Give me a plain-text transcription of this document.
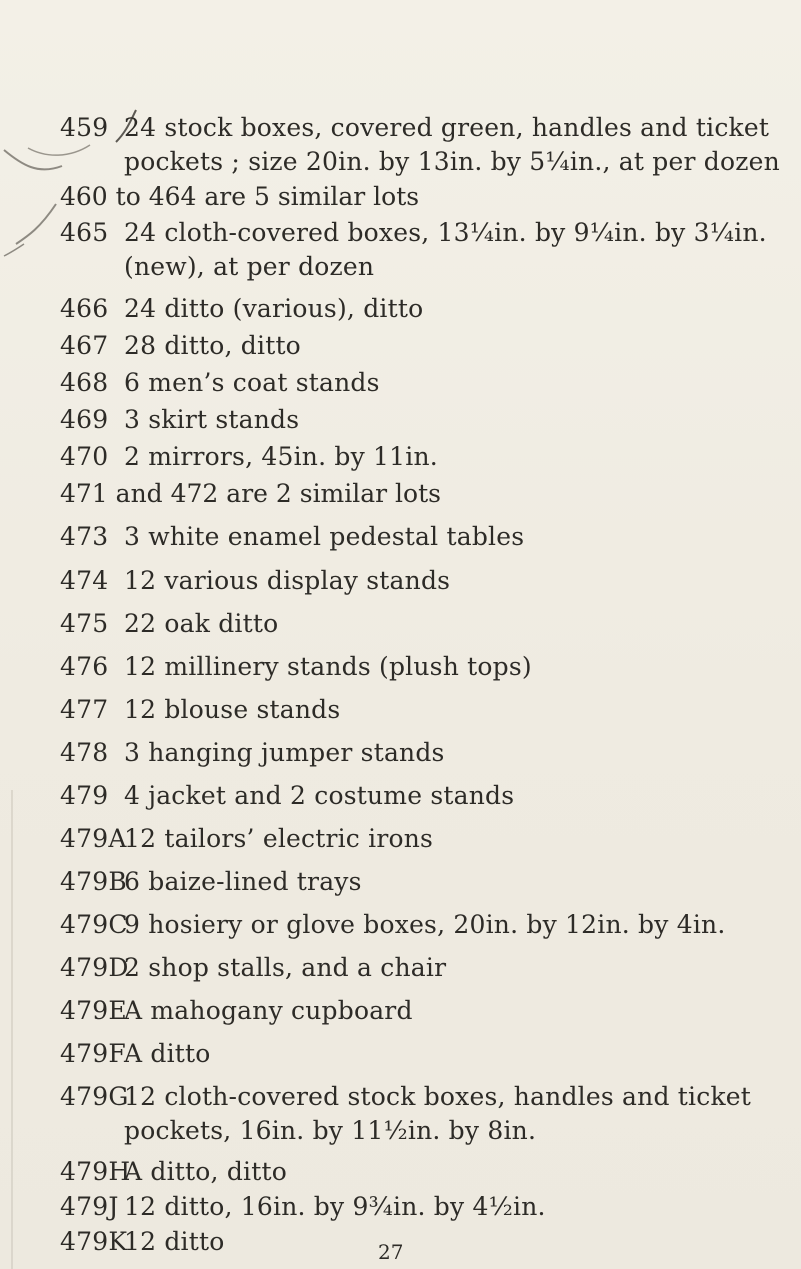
459 24 stock boxes, covered green, handles and ticket pockets ; size 20in. by 13in. by 5¼in., at per dozen
460 to 464 are 5 similar lots
465 24 cloth-covered boxes, 13¼in. by 9¼in. by 3¼in. (new), at per dozen
466 24 ditto (various), ditto
467 28 ditto, ditto
468 6 men’s coat stands
469 3 skirt stands
470 2 mirrors, 45in. by 11in.
471 and 472 are 2 similar lots
473 3 white enamel pedestal tables
474 12 various display stands
475 22 oak ditto
476 12 millinery stands (plush tops)
477 12 blouse stands
478 3 hanging jumper stands
479 4 jacket and 2 costume stands
479A12 tailors’ electric irons
479B6 baize-lined trays
479C9 hosiery or glove boxes, 20in. by 12in. by 4in.
479D2 shop stalls, and a chair
479EA mahogany cupboard
479FA ditto
479G12 cloth-covered stock boxes, handles and ticket pockets, 16in. by 11½in. by 8in.
479HA ditto, ditto
479J 12 ditto, 16in. by 9¾in. by 4½in.
479K12 ditto	27
